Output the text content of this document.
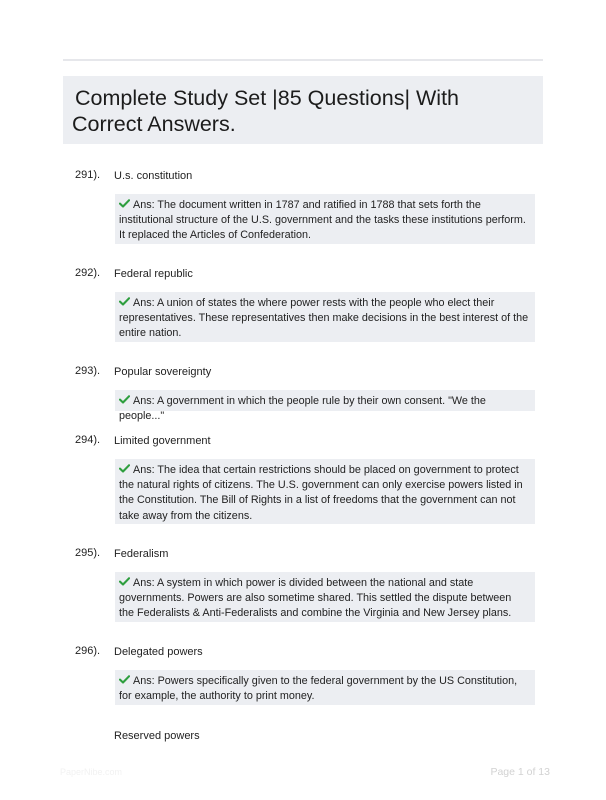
Complete Study Set |85 Questions| With Correct Answers.
291). U.s. constitution
Ans: The document written in 1787 and ratified in 1788 that sets forth the institutional structure of the U.S. government and the tasks these institutions perform. It replaced the Articles of Confederation.
292). Federal republic
Ans: A union of states the where power rests with the people who elect their representatives. These representatives then make decisions in the best interest of the entire nation.
293). Popular sovereignty
Ans: A government in which the people rule by their own consent. "We the people..."
294). Limited government
Ans: The idea that certain restrictions should be placed on government to protect the natural rights of citizens. The U.S. government can only exercise powers listed in the Constitution. The Bill of Rights in a list of freedoms that the government can not take away from the citizens.
295). Federalism
Ans: A system in which power is divided between the national and state governments. Powers are also sometime shared. This settled the dispute between the Federalists & Anti-Federalists and combine the Virginia and New Jersey plans.
296). Delegated powers
Ans: Powers specifically given to the federal government by the US Constitution, for example, the authority to print money.
Reserved powers
PaperNibe.com	Page 1 of 13
